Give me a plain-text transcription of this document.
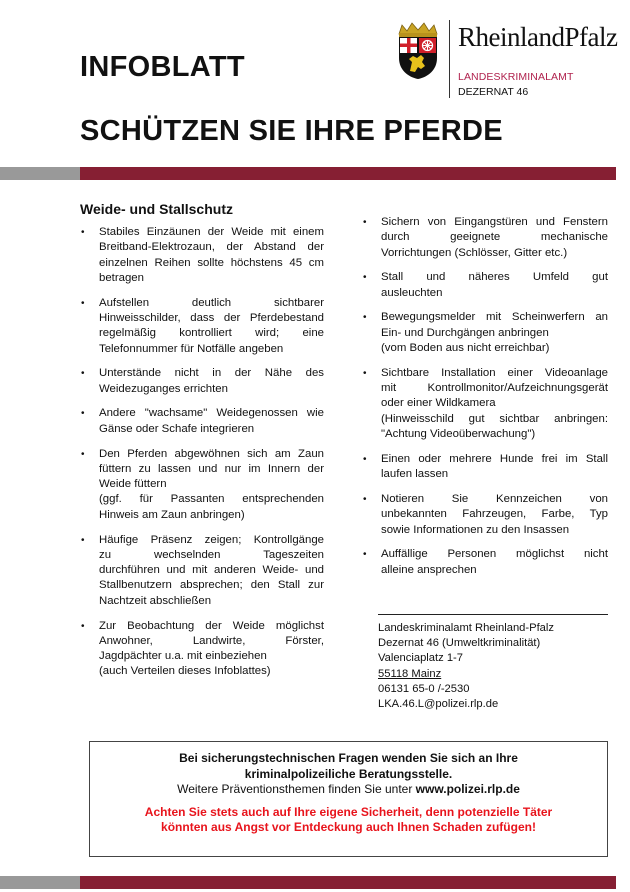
RheinlandPfalz
LANDESKRIMINALAMT
DEZERNAT 46
INFOBLATT
SCHÜTZEN SIE IHRE PFERDE
Weide- und Stallschutz
• Stabiles Einzäunen der Weide mit einem
Breitband-Elektrozaun, der Abstand der
einzelnen Reihen sollte höchstens 45 cm
betragen
• Aufstellen deutlich sichtbarer
Hinweisschilder, dass der Pferdebestand
regelmäßig kontrolliert wird; eine
Telefonnummer für Notfälle angeben
• Unterstände nicht in der Nähe des
Weidezuganges errichten
• Andere "wachsame" Weidegenossen wie
Gänse oder Schafe integrieren
• Den Pferden abgewöhnen sich am Zaun
füttern zu lassen und nur im Innern der
Weide füttern
(ggf. für Passanten entsprechenden
Hinweis am Zaun anbringen)
• Häufige Präsenz zeigen; Kontrollgänge
zu wechselnden Tageszeiten
durchführen und mit anderen Weide- und
Stallbenutzern absprechen; den Stall zur
Nachtzeit abschließen
• Zur Beobachtung der Weide möglichst
Anwohner, Landwirte, Förster,
Jagdpächter u.a. mit einbeziehen
(auch Verteilen dieses Infoblattes)
• Sichern von Eingangstüren und Fenstern
durch geeignete mechanische
Vorrichtungen (Schlösser, Gitter etc.)
• Stall und näheres Umfeld gut
ausleuchten
• Bewegungsmelder mit Scheinwerfern an
Ein- und Durchgängen anbringen
(vom Boden aus nicht erreichbar)
• Sichtbare Installation einer Videoanlage
mit Kontrollmonitor/Aufzeichnungsgerät
oder einer Wildkamera
(Hinweisschild gut sichtbar anbringen:
"Achtung Videoüberwachung")
• Einen oder mehrere Hunde frei im Stall
laufen lassen
• Notieren Sie Kennzeichen von
unbekannten Fahrzeugen, Farbe, Typ
sowie Informationen zu den Insassen
• Auffällige Personen möglichst nicht
alleine ansprechen
Landeskriminalamt Rheinland-Pfalz
Dezernat 46 (Umweltkriminalität)
Valenciaplatz 1-7
55118 Mainz
06131 65-0 /-2530
LKA.46.L@polizei.rlp.de
Bei sicherungstechnischen Fragen wenden Sie sich an Ihre
kriminalpolizeiliche Beratungsstelle.
Weitere Präventionsthemen finden Sie unter www.polizei.rlp.de
Achten Sie stets auch auf Ihre eigene Sicherheit, denn potenzielle Täter
könnten aus Angst vor Entdeckung auch Ihnen Schaden zufügen!
